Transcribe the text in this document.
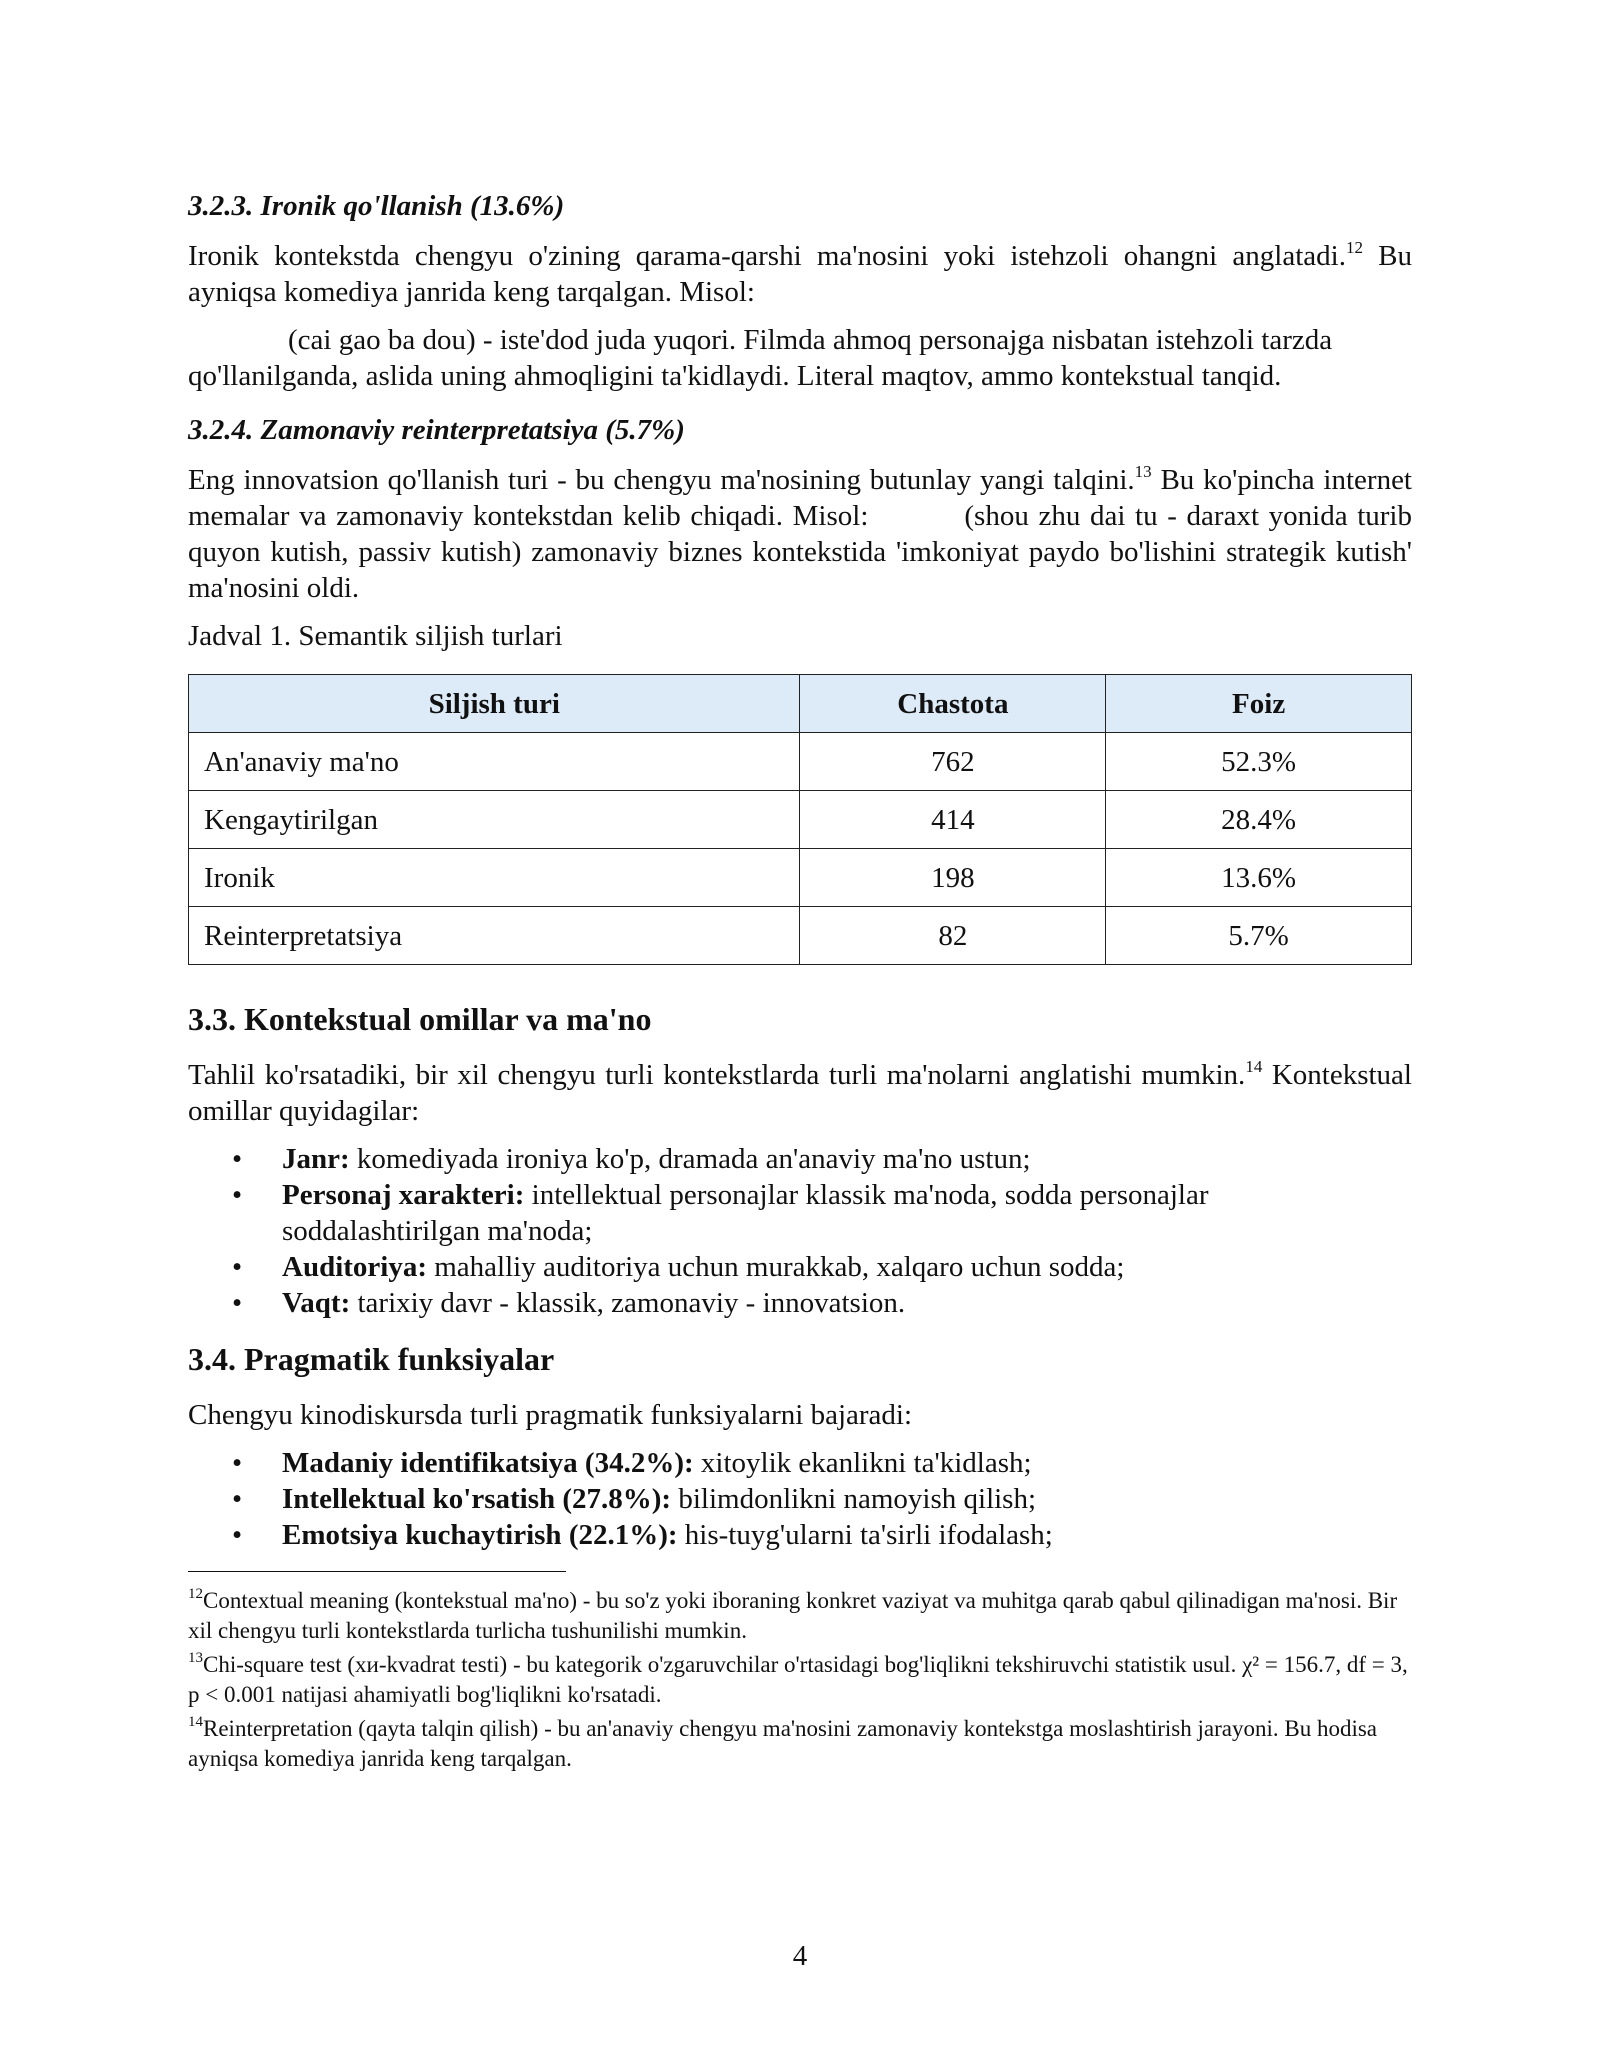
3.2.3. Ironik qo'llanish (13.6%)

Ironik kontekstda chengyu o'zining qarama-qarshi ma'nosini yoki istehzoli ohangni anglatadi.$^{12}$ Bu ayniqsa komediya janrida keng tarqalgan. Misol:

(cai gao ba dou) - iste'dod juda yuqori. Filmda ahmoq personajga nisbatan istehzoli tarzda qo'llanilganda, aslida uning ahmoqligini ta'kidlaydi. Literal maqtov, ammo kontekstual tanqid.

3.2.4. Zamonaviy reinterpretatsiya (5.7%)

Eng innovatsion qo'llanish turi - bu chengyu ma'nosining butunlay yangi talqini.$^{13}$ Bu ko'pincha internet memalar va zamonaviy kontekstdan kelib chiqadi. Misol:	(shou zhu dai tu - daraxt yonida turib quyon kutish, passiv kutish) zamonaviy biznes kontekstida 'imkoniyat paydo bo'lishini strategik kutish' ma'nosini oldi.

Jadval 1. Semantik siljish turlari

Siljish turi	Chastota	Foiz
An'anaviy ma'no	762	52.3%
Kengaytirilgan	414	28.4%
Ironik	198	13.6%
Reinterpretatsiya	82	5.7%
3.3. Kontekstual omillar va ma'no

Tahlil ko'rsatadiki, bir xil chengyu turli kontekstlarda turli ma'nolarni anglatishi mumkin.$^{14}$ Kontekstual omillar quyidagilar:

• Janr: komediyada ironiya ko'p, dramada an'anaviy ma'no ustun;
• Personaj xarakteri: intellektual personajlar klassik ma'noda, sodda personajlar soddalashtirilgan ma'noda;
• Auditoriya: mahalliy auditoriya uchun murakkab, xalqaro uchun sodda;
• Vaqt: tarixiy davr - klassik, zamonaviy - innovatsion.
3.4. Pragmatik funksiyalar

Chengyu kinodiskursda turli pragmatik funksiyalarni bajaradi:

• Madaniy identifikatsiya (34.2%): xitoylik ekanlikni ta'kidlash;
• Intellektual ko'rsatish (27.8%): bilimdonlikni namoyish qilish;
• Emotsiya kuchaytirish (22.1%): his-tuyg'ularni ta'sirli ifodalash;

$^{12}$Contextual meaning (kontekstual ma'no) - bu so'z yoki iboraning konkret vaziyat va muhitga qarab qabul qilinadigan ma'nosi. Bir xil chengyu turli kontekstlarda turlicha tushunilishi mumkin.

$^{13}$Chi-square test (хи-kvadrat testi) - bu kategorik o'zgaruvchilar o'rtasidagi bog'liqlikni tekshiruvchi statistik usul. χ² = 156.7, df = 3, p < 0.001 natijasi ahamiyatli bog'liqlikni ko'rsatadi.

$^{14}$Reinterpretation (qayta talqin qilish) - bu an'anaviy chengyu ma'nosini zamonaviy kontekstga moslashtirish jarayoni. Bu hodisa ayniqsa komediya janrida keng tarqalgan.

4
